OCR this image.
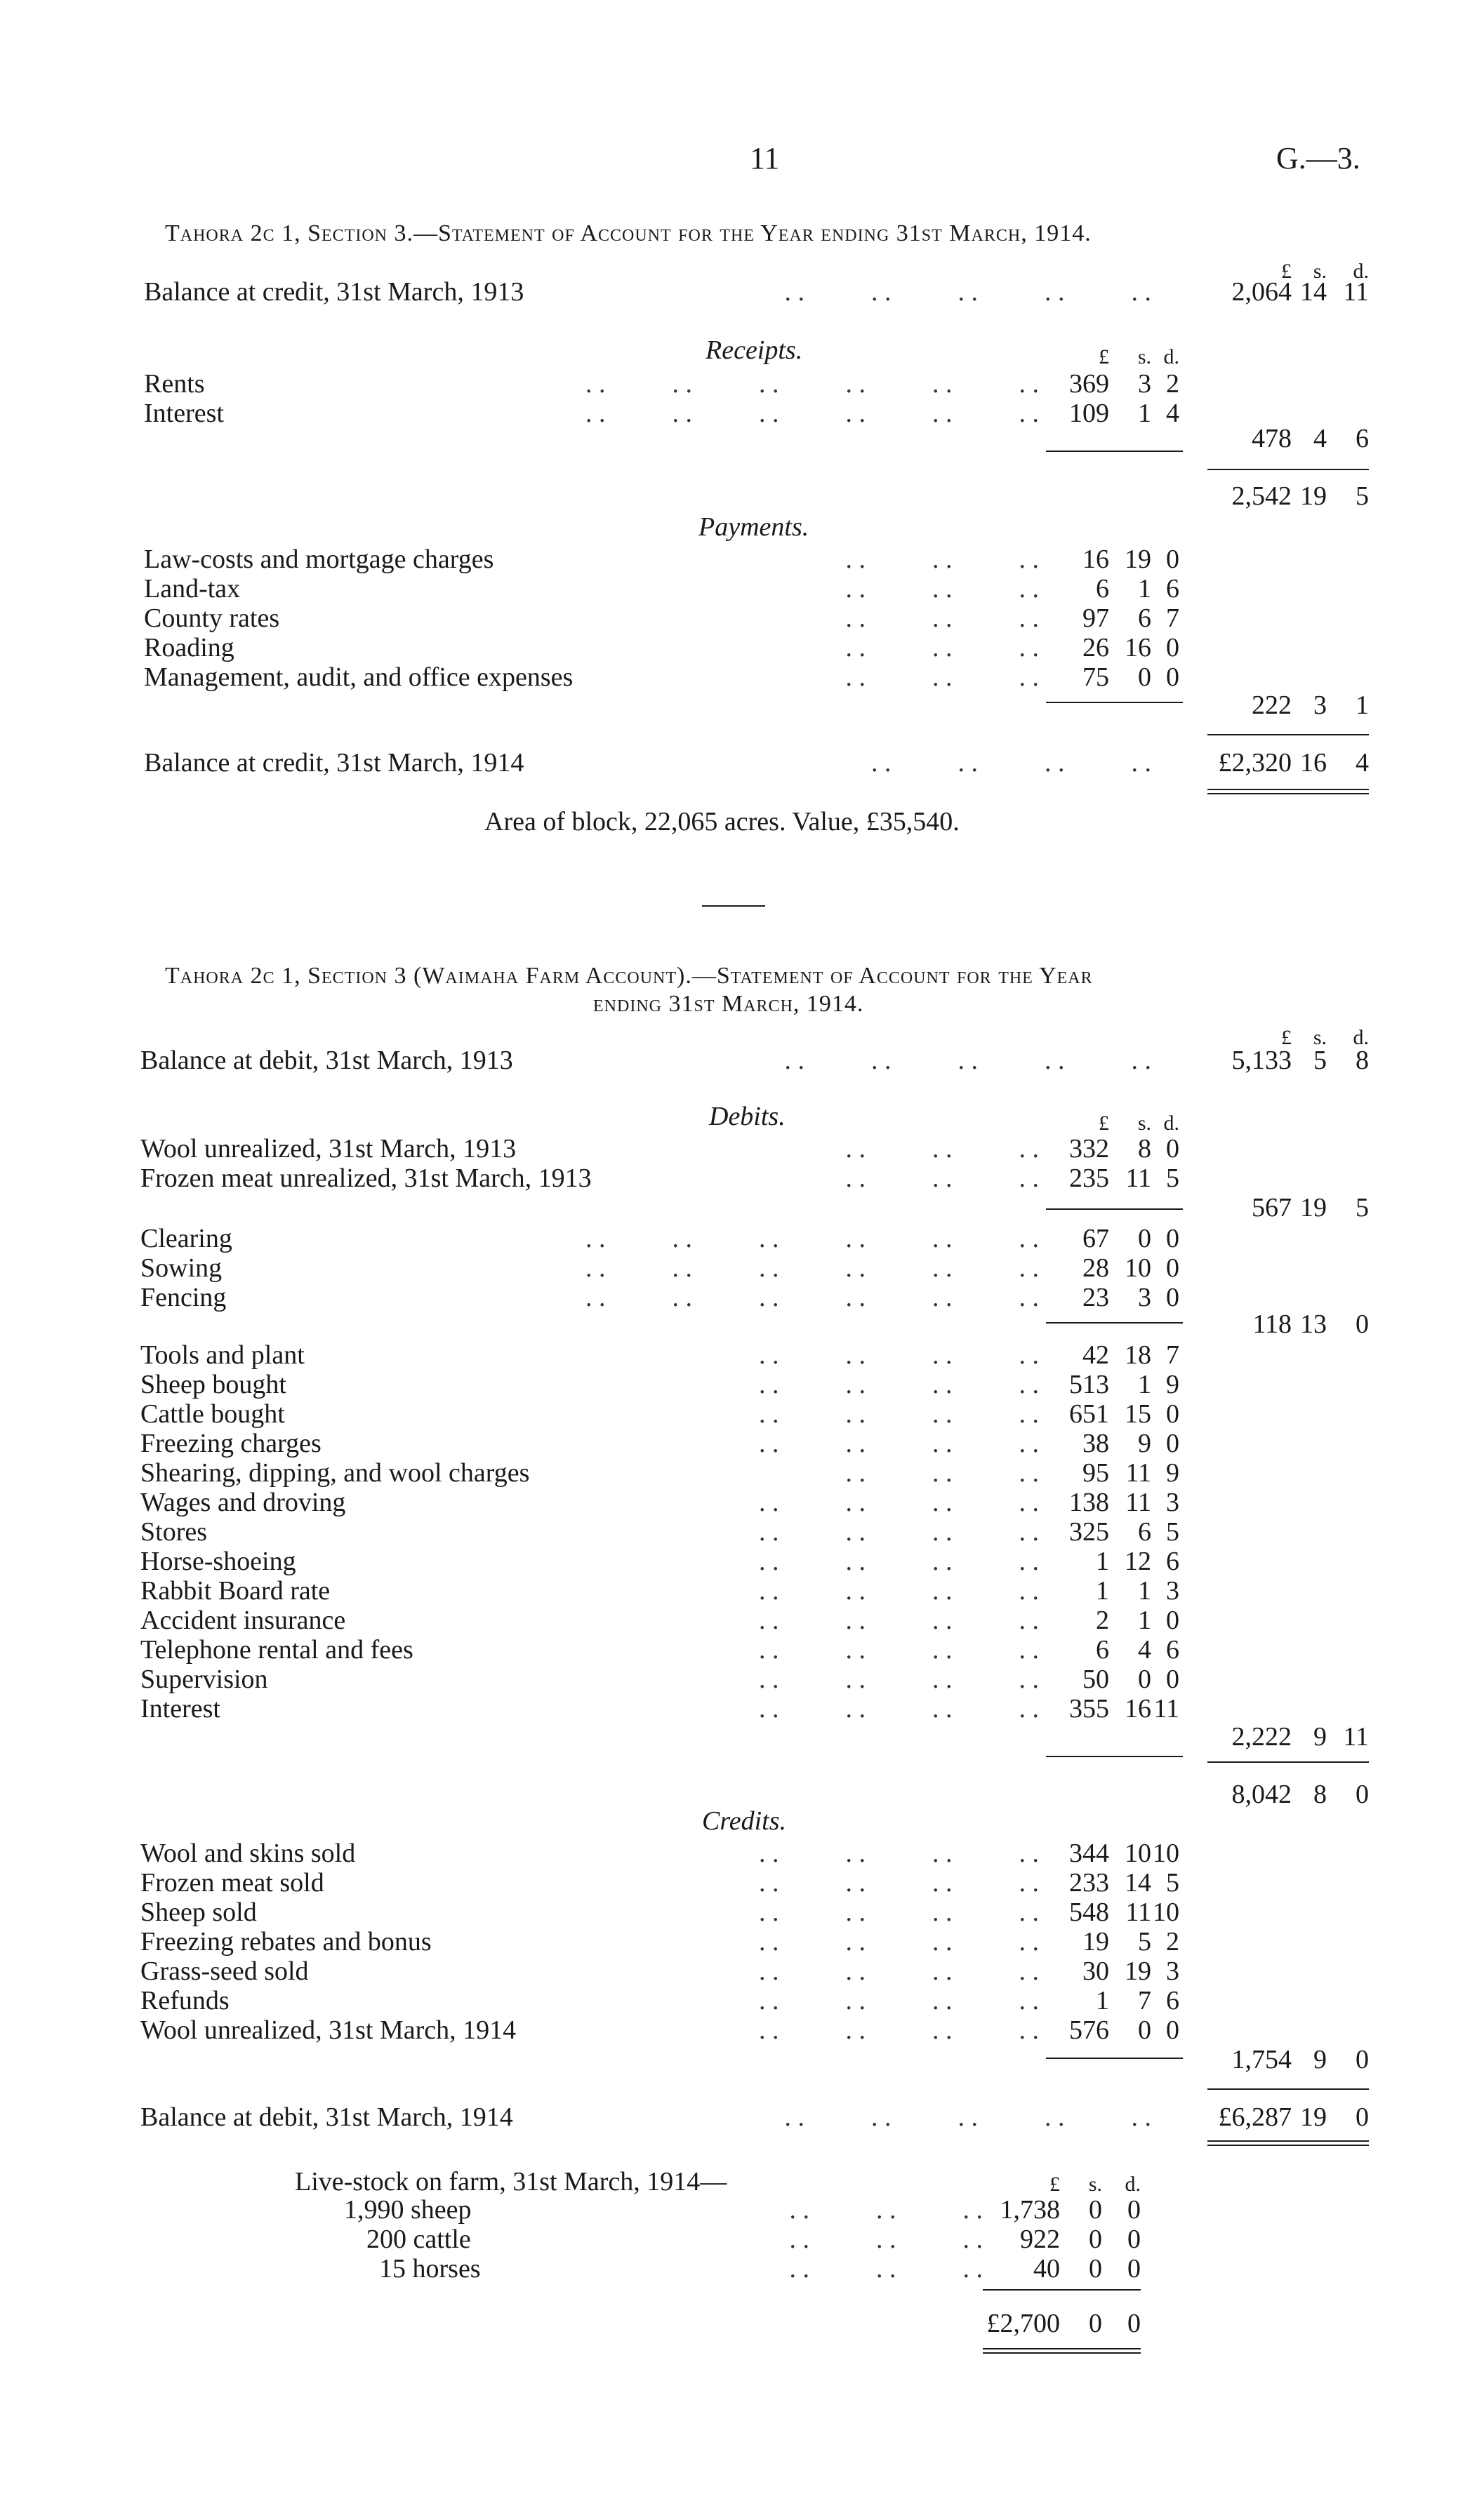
11	G.—3.
Tahora 2c 1, Section 3.—Statement of Account for the Year ending 31st March, 1914.
£	s.	d.
Balance at credit, 31st March, 1913	. .          . .          . .          . .          . .	2,064 14 11
Receipts.	£	s. d.
Rents	. .          . .          . .          . .          . .          . .	369	3 2
Interest	. .          . .          . .          . .          . .          . .	109	1 4
478 4	6
2,542 19	5
Payments.
Law-costs and mortgage charges	. .          . .          . .	16 19 0
Land-tax	. .          . .          . .	6	1 6
County rates	. .          . .          . .	97	6 7
Roading	. .          . .          . .	26 16 0
Management, audit, and office expenses	. .          . .          . .	75	0 0
222 3	1
Balance at credit, 31st March, 1914	. .          . .          . .          . .	£2,320 16	4
Area of block, 22,065 acres. Value, £35,540.
Tahora 2c 1, Section 3 (Waimaha Farm Account).—Statement of Account for the Year
ending 31st March, 1914.
£	s.	d.
Balance at debit, 31st March, 1913	. .          . .          . .          . .          . .	5,133 5	8
Debits.	£	s. d.
Wool unrealized, 31st March, 1913	. .          . .          . .	332	8 0
Frozen meat unrealized, 31st March, 1913	. .          . .          . .	235 11 5
567 19	5
Clearing	. .          . .          . .          . .          . .          . .	67	0 0
Sowing	. .          . .          . .          . .          . .          . .	28 10 0
Fencing	. .          . .          . .          . .          . .          . .	23	3 0
118 13	0
Tools and plant	. .          . .          . .          . .	42 18 7
Sheep bought	. .          . .          . .          . .	513	1 9
Cattle bought	. .          . .          . .          . .	651 15 0
Freezing charges	. .          . .          . .          . .	38	9 0
Shearing, dipping, and wool charges	. .          . .          . .	95 11 9
Wages and droving	. .          . .          . .          . .	138 11 3
Stores	. .          . .          . .          . .	325	6 5
Horse-shoeing	. .          . .          . .          . .	1 12 6
Rabbit Board rate	. .          . .          . .          . .	1	1 3
Accident insurance	. .          . .          . .          . .	2	1 0
Telephone rental and fees	. .          . .          . .          . .	6	4 6
Supervision	. .          . .          . .          . .	50	0 0
Interest	. .          . .          . .          . .	355 16 11
2,222 9 11
8,042 8	0
Credits.
Wool and skins sold	. .          . .          . .          . .	344 10 10
Frozen meat sold	. .          . .          . .          . .	233 14 5
Sheep sold	. .          . .          . .          . .	548 11 10
Freezing rebates and bonus	. .          . .          . .          . .	19	5 2
Grass-seed sold	. .          . .          . .          . .	30 19 3
Refunds	. .          . .          . .          . .	1	7 6
Wool unrealized, 31st March, 1914	. .          . .          . .          . .	576	0 0
1,754 9	0
Balance at debit, 31st March, 1914	. .          . .          . .          . .          . .	£6,287 19	0
Live-stock on farm, 31st March, 1914—	£	s.	d.
1,990 sheep	. .          . .          . . 1,738	0 0
200 cattle	. .          . .          . .	922	0 0
15 horses	. .          . .          . .	40	0 0
£2,700	0 0
